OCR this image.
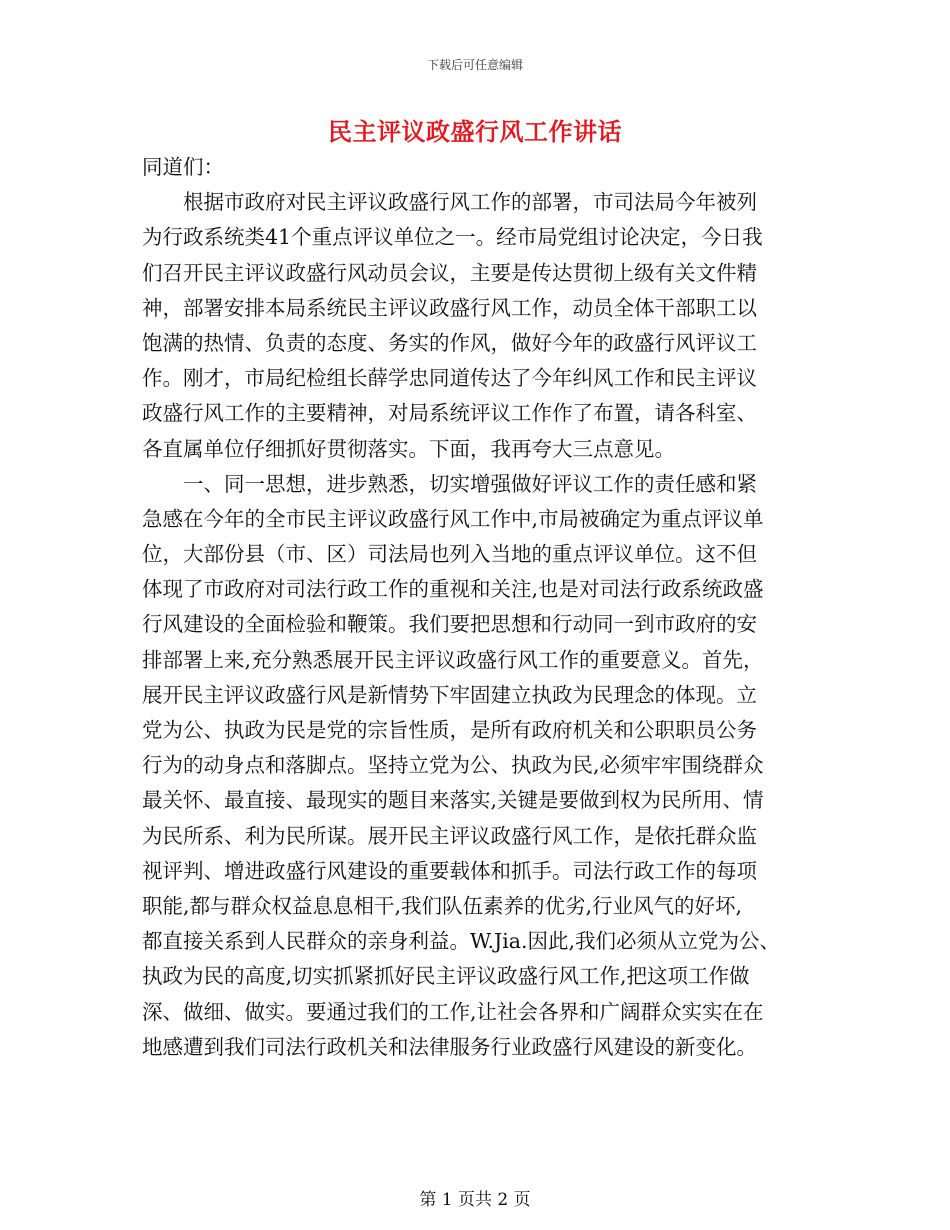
下载后可任意编辑
民主评议政盛行风工作讲话
同道们：
　　根据市政府对民主评议政盛行风工作的部署，市司法局今年被列
为行政系统类41个重点评议单位之一。经市局党组讨论决定，今日我
们召开民主评议政盛行风动员会议，主要是传达贯彻上级有关文件精
神，部署安排本局系统民主评议政盛行风工作，动员全体干部职工以
饱满的热情、负责的态度、务实的作风，做好今年的政盛行风评议工
作。刚才，市局纪检组长薛学忠同道传达了今年纠风工作和民主评议
政盛行风工作的主要精神，对局系统评议工作作了布置，请各科室、
各直属单位仔细抓好贯彻落实。下面，我再夸大三点意见。
　　一、同一思想，进步熟悉，切实增强做好评议工作的责任感和紧
急感在今年的全市民主评议政盛行风工作中,市局被确定为重点评议单
位，大部份县（市、区）司法局也列入当地的重点评议单位。这不但
体现了市政府对司法行政工作的重视和关注,也是对司法行政系统政盛
行风建设的全面检验和鞭策。我们要把思想和行动同一到市政府的安
排部署上来,充分熟悉展开民主评议政盛行风工作的重要意义。首先，
展开民主评议政盛行风是新情势下牢固建立执政为民理念的体现。立
党为公、执政为民是党的宗旨性质，是所有政府机关和公职职员公务
行为的动身点和落脚点。坚持立党为公、执政为民,必须牢牢围绕群众
最关怀、最直接、最现实的题目来落实,关键是要做到权为民所用、情
为民所系、利为民所谋。展开民主评议政盛行风工作，是依托群众监
视评判、增进政盛行风建设的重要载体和抓手。司法行政工作的每项
职能,都与群众权益息息相干,我们队伍素养的优劣,行业风气的好坏,
都直接关系到人民群众的亲身利益。W.Jia.因此,我们必须从立党为公、
执政为民的高度,切实抓紧抓好民主评议政盛行风工作,把这项工作做
深、做细、做实。要通过我们的工作,让社会各界和广阔群众实实在在
地感遭到我们司法行政机关和法律服务行业政盛行风建设的新变化。
第 1 页共 2 页
